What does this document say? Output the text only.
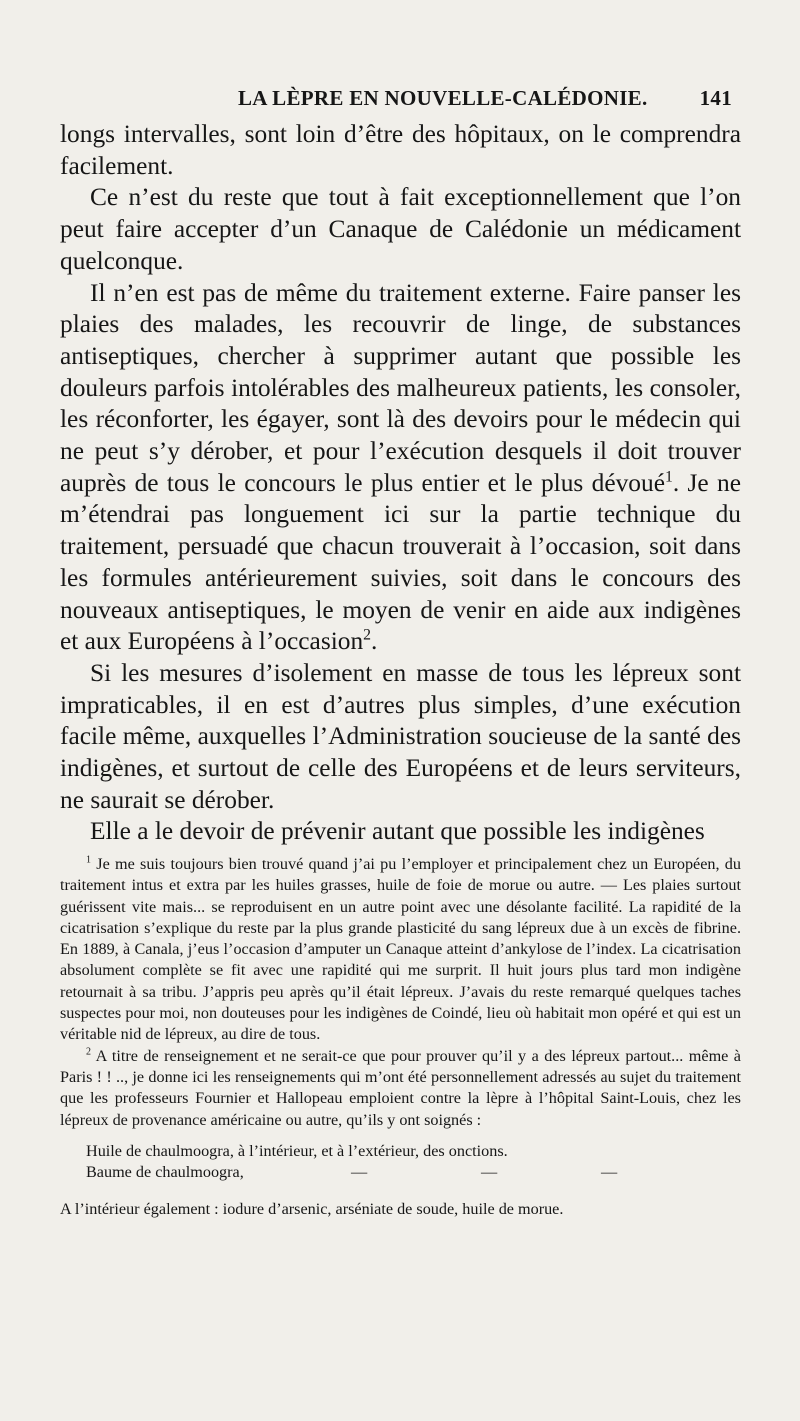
LA LÈPRE EN NOUVELLE-CALÉDONIE. 141

longs intervalles, sont loin d’être des hôpitaux, on le comprendra facilement.

Ce n’est du reste que tout à fait exceptionnellement que l’on peut faire accepter d’un Canaque de Calédonie un médicament quelconque.

Il n’en est pas de même du traitement externe. Faire panser les plaies des malades, les recouvrir de linge, de substances antiseptiques, chercher à supprimer autant que possible les douleurs parfois intolérables des malheureux patients, les consoler, les réconforter, les égayer, sont là des devoirs pour le médecin qui ne peut s’y dérober, et pour l’exécution desquels il doit trouver auprès de tous le concours le plus entier et le plus dévoué$^1$. Je ne m’étendrai pas longuement ici sur la partie technique du traitement, persuadé que chacun trouverait à l’occasion, soit dans les formules antérieurement suivies, soit dans le concours des nouveaux antiseptiques, le moyen de venir en aide aux indigènes et aux Européens à l’occasion$^2$.

Si les mesures d’isolement en masse de tous les lépreux sont impraticables, il en est d’autres plus simples, d’une exécution facile même, auxquelles l’Administration soucieuse de la santé des indigènes, et surtout de celle des Européens et de leurs serviteurs, ne saurait se dérober.

Elle a le devoir de prévenir autant que possible les indigènes

$^1$ Je me suis toujours bien trouvé quand j’ai pu l’employer et principalement chez un Européen, du traitement intus et extra par les huiles grasses, huile de foie de morue ou autre. — Les plaies surtout guérissent vite mais... se reproduisent en un autre point avec une désolante facilité. La rapidité de la cicatrisation s’explique du reste par la plus grande plasticité du sang lépreux due à un excès de fibrine. En 1889, à Canala, j’eus l’occasion d’amputer un Canaque atteint d’ankylose de l’index. La cicatrisation absolument complète se fit avec une rapidité qui me surprit. Il huit jours plus tard mon indigène retournait à sa tribu. J’appris peu après qu’il était lépreux. J’avais du reste remarqué quelques taches suspectes pour moi, non douteuses pour les indigènes de Coindé, lieu où habitait mon opéré et qui est un véritable nid de lépreux, au dire de tous.

$^2$ A titre de renseignement et ne serait-ce que pour prouver qu’il y a des lépreux partout... même à Paris ! ! .., je donne ici les renseignements qui m’ont été personnellement adressés au sujet du traitement que les professeurs Fournier et Hallopeau emploient contre la lèpre à l’hôpital Saint-Louis, chez les lépreux de provenance américaine ou autre, qu’ils y ont soignés :

Huile de chaulmoogra, à l’intérieur, et à l’extérieur, des onctions.

Baume de chaulmoogra,	—	—	—

A l’intérieur également : iodure d’arsenic, arséniate de soude, huile de morue.
